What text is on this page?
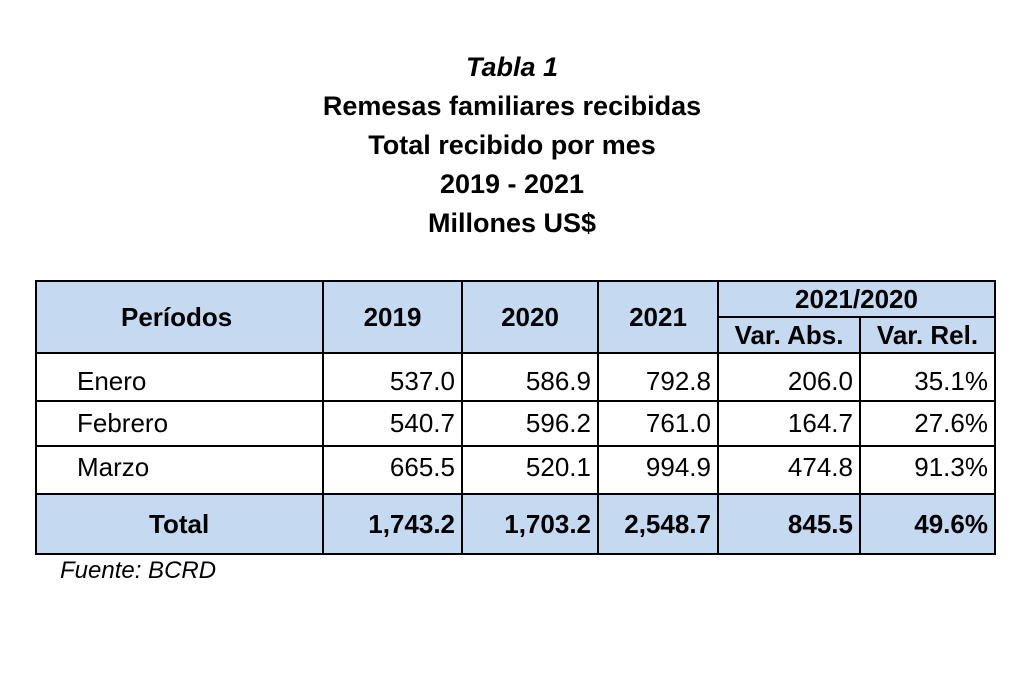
Tabla 1
Remesas familiares recibidas
Total recibido por mes
2019 - 2021
Millones US$
Períodos	2019	2020	2021	2021/2020	
				Var. Abs.	Var. Rel.
Enero	537.0	586.9	792.8	206.0	35.1%
Febrero	540.7	596.2	761.0	164.7	27.6%
Marzo	665.5	520.1	994.9	474.8	91.3%
Total	1,743.2	1,703.2	2,548.7	845.5	49.6%
Fuente: BCRD
